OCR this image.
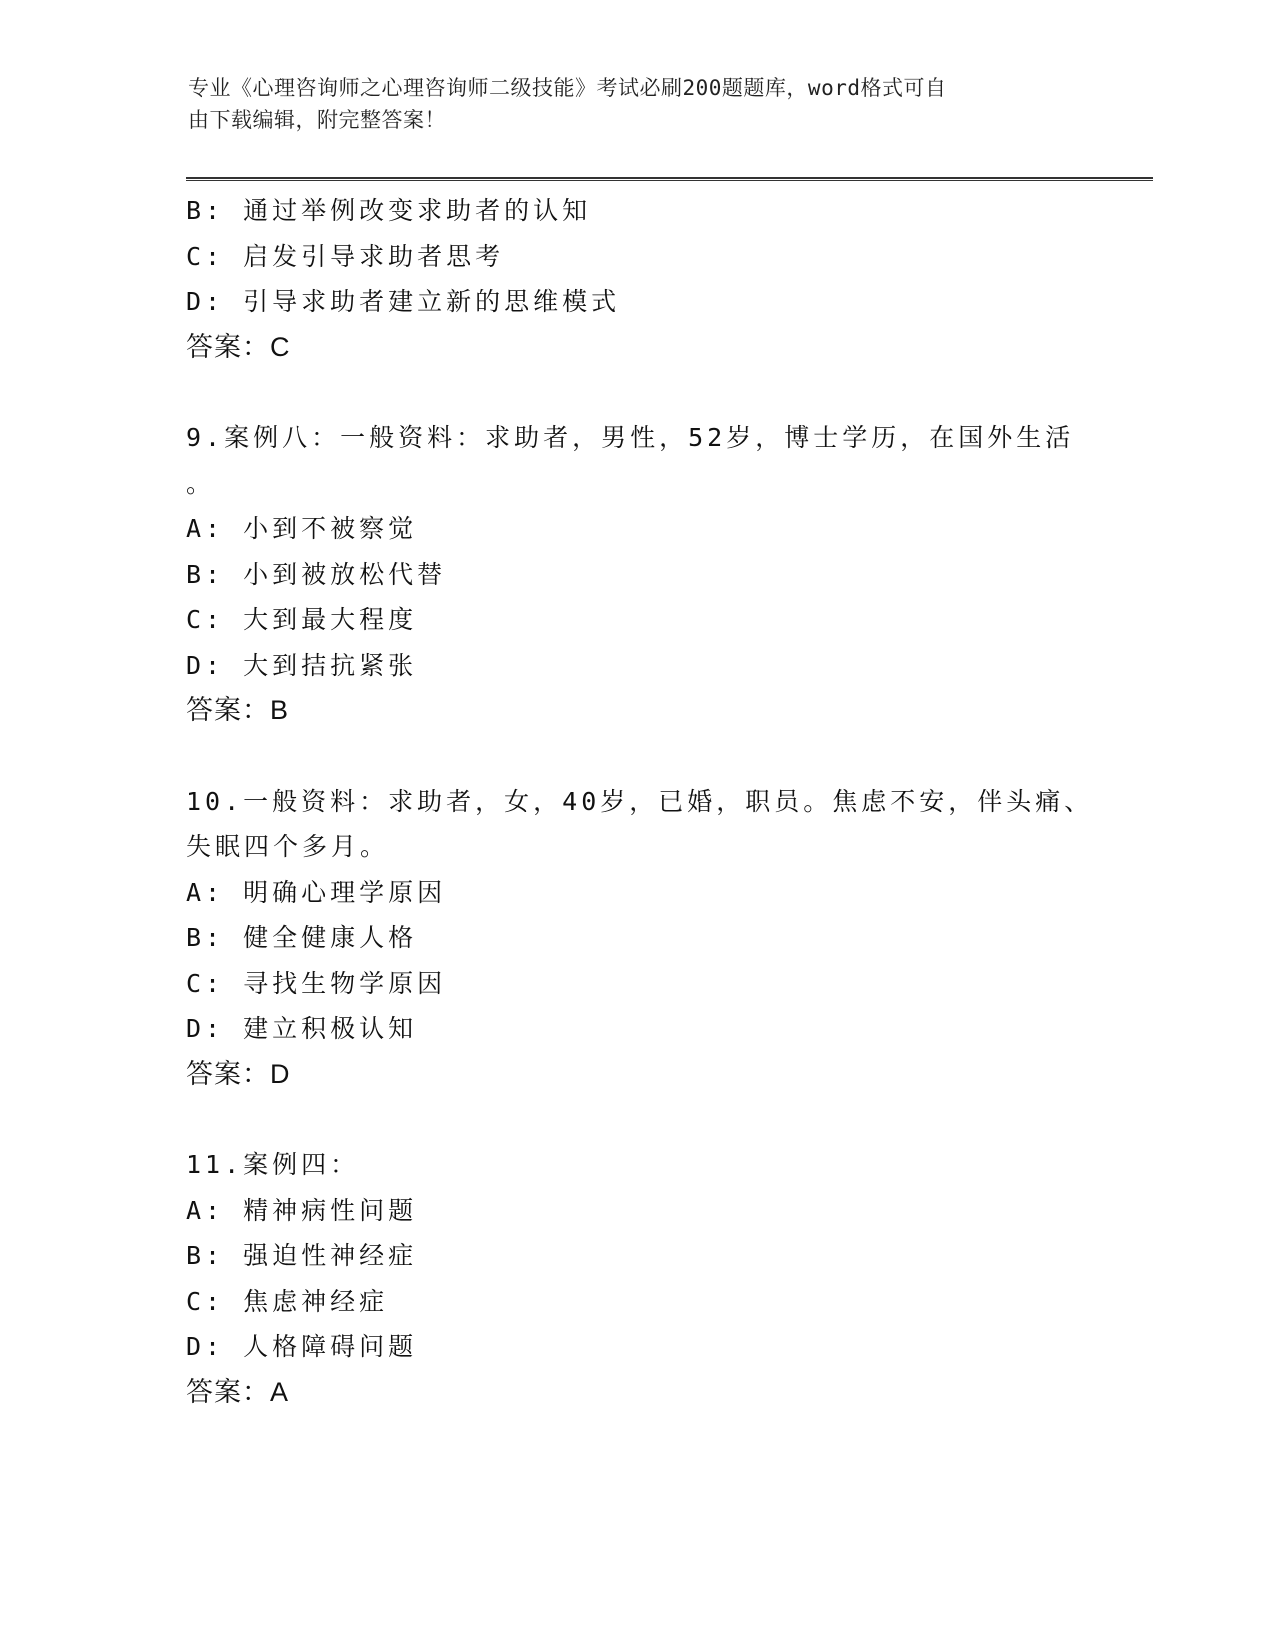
专业《心理咨询师之心理咨询师二级技能》考试必刷200题题库，word格式可自
由下载编辑，附完整答案！
B: 通过举例改变求助者的认知
C: 启发引导求助者思考
D: 引导求助者建立新的思维模式
答案：C
9.案例八：一般资料：求助者，男性，52岁，博士学历，在国外生活
。
A: 小到不被察觉
B: 小到被放松代替
C: 大到最大程度
D: 大到拮抗紧张
答案：B
10.一般资料：求助者，女，40岁，已婚，职员。焦虑不安，伴头痛、
失眠四个多月。
A: 明确心理学原因
B: 健全健康人格
C: 寻找生物学原因
D: 建立积极认知
答案：D
11.案例四：
A: 精神病性问题
B: 强迫性神经症
C: 焦虑神经症
D: 人格障碍问题
答案：A
